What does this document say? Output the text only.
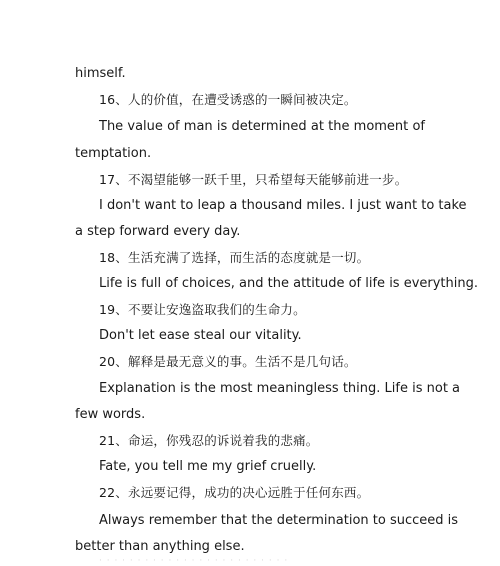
himself.
16、人的价值，在遭受诱惑的一瞬间被决定。
The value of man is determined at the moment of
temptation.
17、不渴望能够一跃千里，只希望每天能够前进一步。
I don't want to leap a thousand miles. I just want to take
a step forward every day.
18、生活充满了选择，而生活的态度就是一切。
Life is full of choices, and the attitude of life is everything.
19、不要让安逸盗取我们的生命力。
Don't let ease steal our vitality.
20、解释是最无意义的事。生活不是几句话。
Explanation is the most meaningless thing. Life is not a
few words.
21、命运，你残忍的诉说着我的悲痛。
Fate, you tell me my grief cruelly.
22、永远要记得，成功的决心远胜于任何东西。
Always remember that the determination to succeed is
better than anything else.
· · · · · · · · · · · · · · · · · · · · · · · · ·
